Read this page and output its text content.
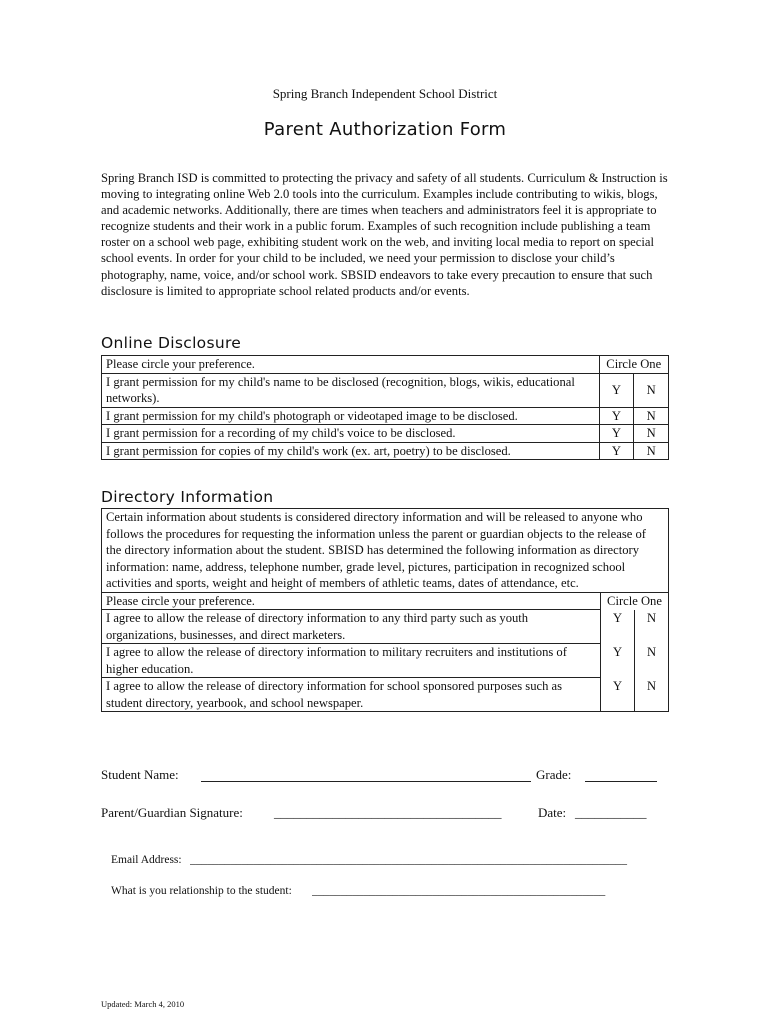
Spring Branch Independent School District
Parent Authorization Form
Spring Branch ISD is committed to protecting the privacy and safety of all students. Curriculum & Instruction is moving to integrating online Web 2.0 tools into the curriculum. Examples include contributing to wikis, blogs, and academic networks. Additionally, there are times when teachers and administrators feel it is appropriate to recognize students and their work in a public forum. Examples of such recognition include publishing a team roster on a school web page, exhibiting student work on the web, and inviting local media to report on special school events. In order for your child to be included, we need your permission to disclose your child’s photography, name, voice, and/or school work. SBSID endeavors to take every precaution to ensure that such disclosure is limited to appropriate school related products and/or events.
Online Disclosure
Please circle your preference.	Circle One	
I grant permission for my child's name to be disclosed (recognition, blogs, wikis, educational networks).	Y	N
I grant permission for my child's photograph or videotaped image to be disclosed.	Y	N
I grant permission for a recording of my child's voice to be disclosed.	Y	N
I grant permission for copies of my child's work (ex. art, poetry) to be disclosed.	Y	N
Directory Information
Certain information about students is considered directory information and will be released to anyone who follows the procedures for requesting the information unless the parent or guardian objects to the release of the directory information about the student. SBISD has determined the following information as directory information: name, address, telephone number, grade level, pictures, participation in recognized school activities and sports, weight and height of members of athletic teams, dates of attendance, etc.		
Please circle your preference.	Circle One	
I agree to allow the release of directory information to any third party such as youth organizations, businesses, and direct marketers.	Y	N
I agree to allow the release of directory information to military recruiters and institutions of higher education.	Y	N
I agree to allow the release of directory information for school sponsored purposes such as student directory, yearbook, and school newspaper.	Y	N
Student Name:	Grade:
Parent/Guardian Signature: ___________________________________	Date: ___________
Email Address: ____________________________________________________________________________
What is you relationship to the student: ___________________________________________________
Updated: March 4, 2010
